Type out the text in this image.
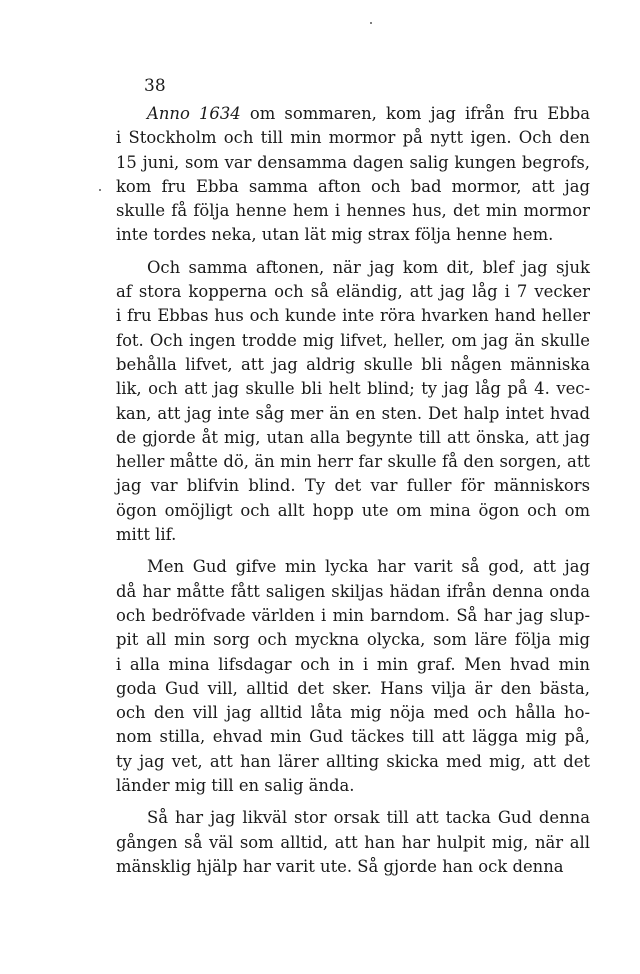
38
Anno 1634 om sommaren, kom jag ifrån fru Ebba
i Stockholm och till min mormor på nytt igen. Och den
15 juni, som var densamma dagen salig kungen begrofs,
kom fru Ebba samma afton och bad mormor, att jag
skulle få följa henne hem i hennes hus, det min mormor
inte tordes neka, utan lät mig strax följa henne hem.
Och samma aftonen, när jag kom dit, blef jag sjuk
af stora kopperna och så eländig, att jag låg i 7 vecker
i fru Ebbas hus och kunde inte röra hvarken hand heller
fot. Och ingen trodde mig lifvet, heller, om jag än skulle
behålla lifvet, att jag aldrig skulle bli någen människa
lik, och att jag skulle bli helt blind; ty jag låg på 4. vec-
kan, att jag inte såg mer än en sten. Det halp intet hvad
de gjorde åt mig, utan alla begynte till att önska, att jag
heller måtte dö, än min herr far skulle få den sorgen, att
jag var blifvin blind. Ty det var fuller för människors
ögon omöjligt och allt hopp ute om mina ögon och om
mitt lif.
Men Gud gifve min lycka har varit så god, att jag
då har måtte fått saligen skiljas hädan ifrån denna onda
och bedröfvade världen i min barndom. Så har jag slup-
pit all min sorg och myckna olycka, som läre följa mig
i alla mina lifsdagar och in i min graf. Men hvad min
goda Gud vill, alltid det sker. Hans vilja är den bästa,
och den vill jag alltid låta mig nöja med och hålla ho-
nom stilla, ehvad min Gud täckes till att lägga mig på,
ty jag vet, att han lärer allting skicka med mig, att det
länder mig till en salig ända.
Så har jag likväl stor orsak till att tacka Gud denna
gången så väl som alltid, att han har hulpit mig, när all
mänsklig hjälp har varit ute. Så gjorde han ock denna
